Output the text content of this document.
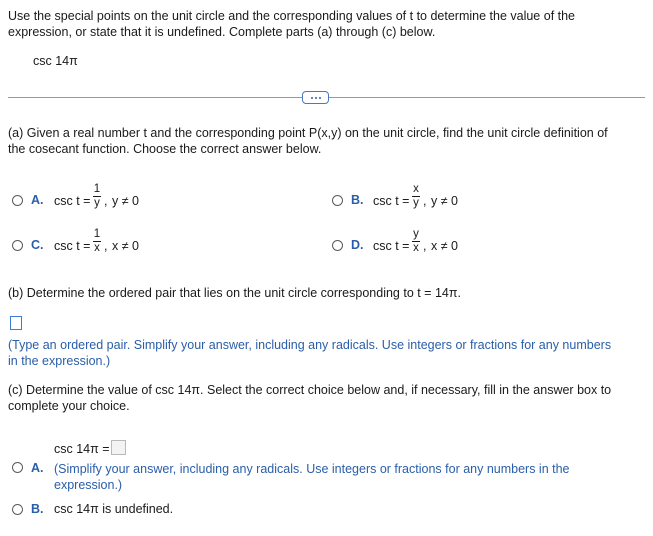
Use the special points on the unit circle and the corresponding values of t to determine the value of the
expression, or state that it is undefined. Complete parts (a) through (c) below.
csc 14π
(a) Given a real number t and the corresponding point P(x,y) on the unit circle, find the unit circle definition of
the cosecant function. Choose the correct answer below.
A. csc t =
1
y , y ≠ 0	B. csc t =
x
y , y ≠ 0
C. csc t =
1
x , x ≠ 0	D. csc t =
y
x , x ≠ 0
(b) Determine the ordered pair that lies on the unit circle corresponding to t = 14π.
(Type an ordered pair. Simplify your answer, including any radicals. Use integers or fractions for any numbers
in the expression.)
(c) Determine the value of csc 14π. Select the correct choice below and, if necessary, fill in the answer box to
complete your choice.
csc 14π =
A. (Simplify your answer, including any radicals. Use integers or fractions for any numbers in the
expression.)
B. csc 14π is undefined.
